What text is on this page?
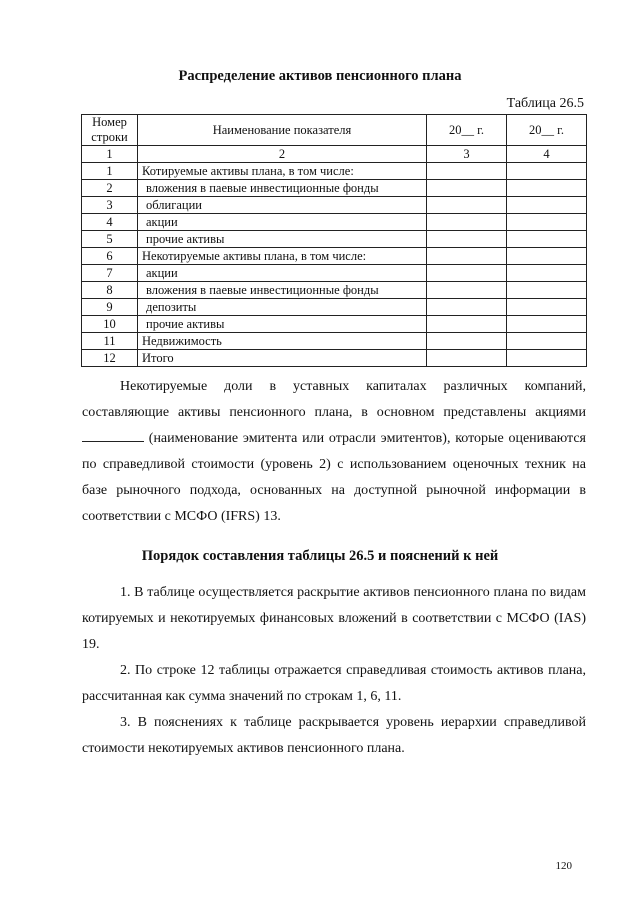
Распределение активов пенсионного плана
Таблица 26.5
Номер строки	Наименование показателя	20__ г.	20__ г.
1	2	3	4
1	Котируемые активы плана, в том числе:		
2	вложения в паевые инвестиционные фонды		
3	облигации		
4	акции		
5	прочие активы		
6	Некотируемые активы плана, в том числе:		
7	акции		
8	вложения в паевые инвестиционные фонды		
9	депозиты		
10	прочие активы		
11	Недвижимость		
12	Итого		
Некотируемые доли в уставных капиталах различных компаний, составляющие активы пенсионного плана, в основном представлены акциями  (наименование эмитента или отрасли эмитентов), которые оцениваются по справедливой стоимости (уровень 2) с использованием оценочных техник на базе рыночного подхода, основанных на доступной рыночной информации в соответствии с МСФО (IFRS) 13.
Порядок составления таблицы 26.5 и пояснений к ней
1. В таблице осуществляется раскрытие активов пенсионного плана по видам котируемых и некотируемых финансовых вложений в соответствии с МСФО (IAS) 19.
2. По строке 12 таблицы отражается справедливая стоимость активов плана, рассчитанная как сумма значений по строкам 1, 6, 11.
3. В пояснениях к таблице раскрывается уровень иерархии справедливой стоимости некотируемых активов пенсионного плана.
120
